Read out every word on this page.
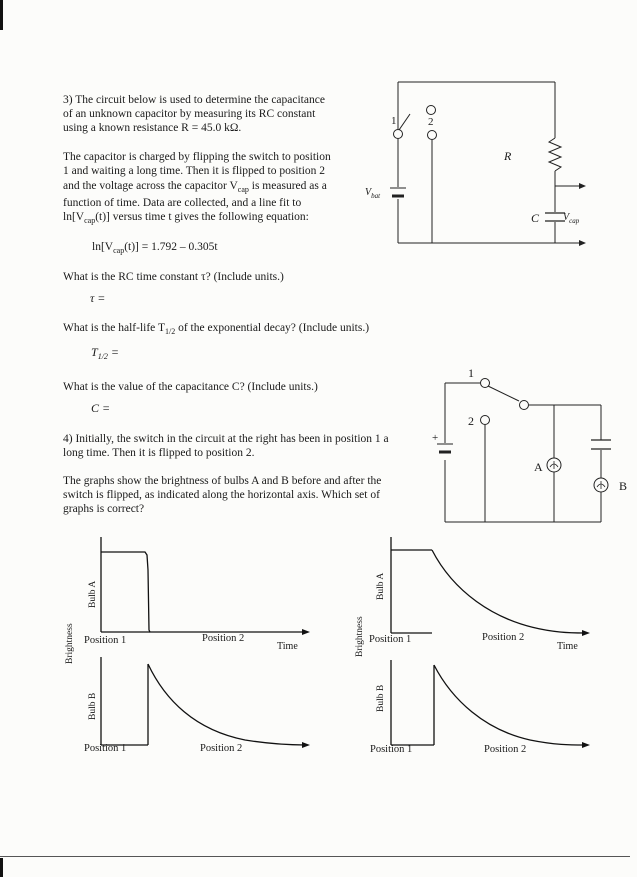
3) The circuit below is used to determine the capacitance
of an unknown capacitor by measuring its RC constant
using a known resistance R = 45.0 kΩ.
The capacitor is charged by flipping the switch to position
1 and waiting a long time. Then it is flipped to position 2
and the voltage across the capacitor $V_{cap}$ is measured as a
function of time. Data are collected, and a line fit to
$\ln[V_{cap}(t)]$ versus time t gives the following equation:
$\ln[V_{cap}(t)] = 1.792 - 0.305t$
What is the RC time constant τ? (Include units.)
τ =
What is the half-life $T_{1/2}$ of the exponential decay? (Include units.)
$T_{1/2}$ =
What is the value of the capacitance C? (Include units.)
C =
4) Initially, the switch in the circuit at the right has been in position 1 a
long time. Then it is flipped to position 2.
The graphs show the brightness of bulbs A and B before and after the
switch is flipped, as indicated along the horizontal axis. Which set of
graphs is correct?
1	2
R
C
$V_{bat}$
$V_{cap}$
1
2
+
A
B
Position 1	Position 2
Time
Bulb A
Brightness
Position 1	Position 2
Bulb B
Position 1	Position 2
Time
Bulb A
Brightness
Position 1	Position 2
Bulb B
